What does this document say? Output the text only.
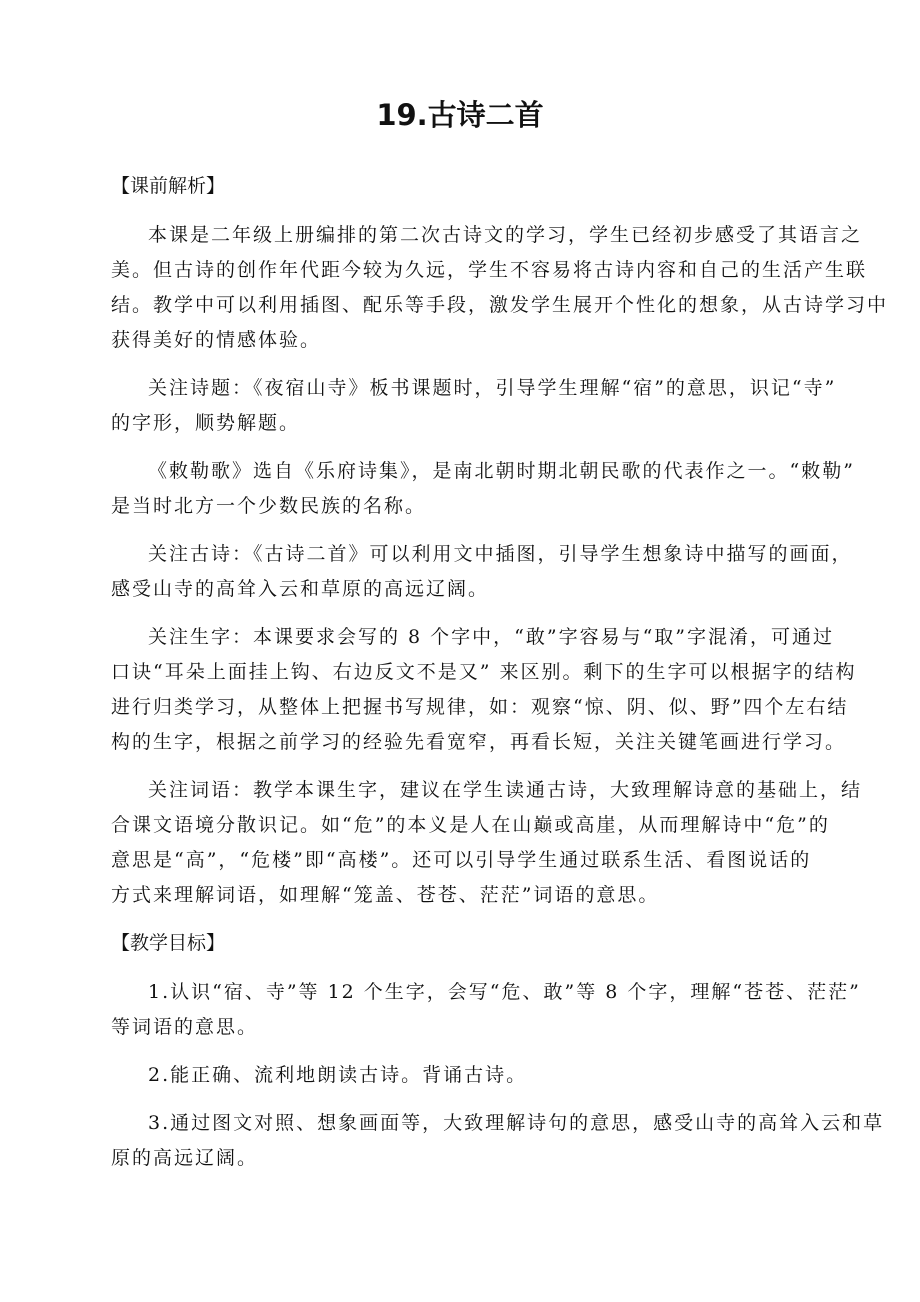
19.古诗二首
【课前解析】
本课是二年级上册编排的第二次古诗文的学习，学生已经初步感受了其语言之
美。但古诗的创作年代距今较为久远，学生不容易将古诗内容和自己的生活产生联
结。教学中可以利用插图、配乐等手段，激发学生展开个性化的想象，从古诗学习中
获得美好的情感体验。
关注诗题：《夜宿山寺》板书课题时，引导学生理解“宿”的意思，识记“寺”
的字形，顺势解题。
《敕勒歌》选自《乐府诗集》，是南北朝时期北朝民歌的代表作之一。“敕勒”
是当时北方一个少数民族的名称。
关注古诗：《古诗二首》可以利用文中插图，引导学生想象诗中描写的画面，
感受山寺的高耸入云和草原的高远辽阔。
关注生字：本课要求会写的 8 个字中，“敢”字容易与“取”字混淆，可通过
口诀“耳朵上面挂上钩、右边反文不是又” 来区别。剩下的生字可以根据字的结构
进行归类学习，从整体上把握书写规律，如：观察“惊、阴、似、野”四个左右结
构的生字，根据之前学习的经验先看宽窄，再看长短，关注关键笔画进行学习。
关注词语：教学本课生字，建议在学生读通古诗，大致理解诗意的基础上，结
合课文语境分散识记。如“危”的本义是人在山巅或高崖，从而理解诗中“危”的
意思是“高”，“危楼”即“高楼”。还可以引导学生通过联系生活、看图说话的
方式来理解词语，如理解“笼盖、苍苍、茫茫”词语的意思。
【教学目标】
1.认识“宿、寺”等 12 个生字，会写“危、敢”等 8 个字，理解“苍苍、茫茫”
等词语的意思。
2.能正确、流利地朗读古诗。背诵古诗。
3.通过图文对照、想象画面等，大致理解诗句的意思，感受山寺的高耸入云和草
原的高远辽阔。
